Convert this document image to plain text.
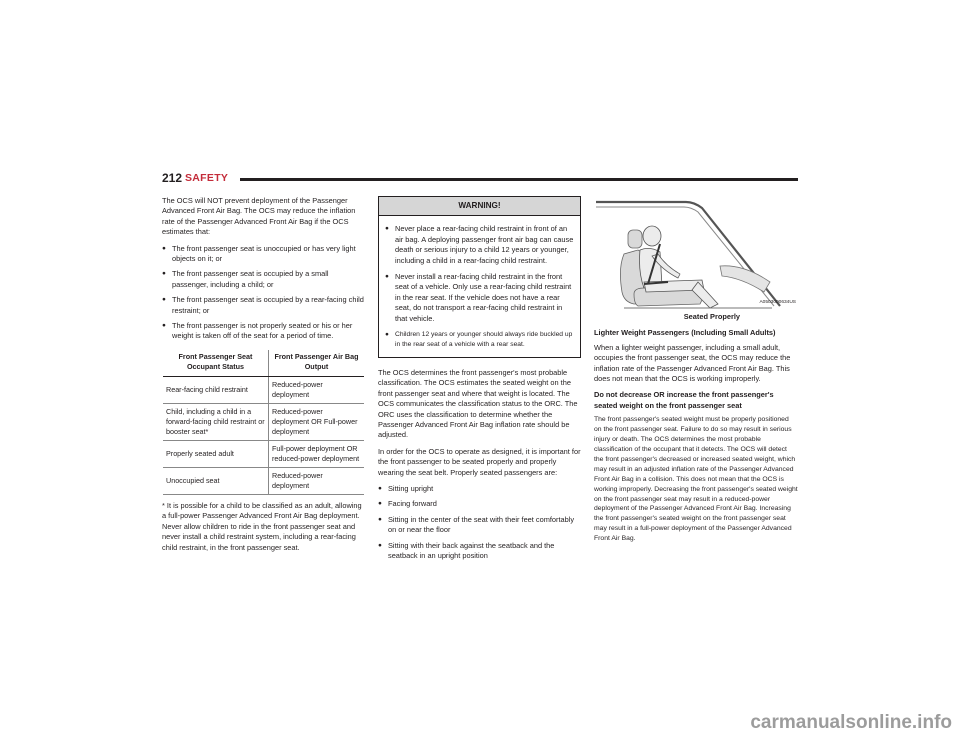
212 SAFETY

The OCS will NOT prevent deployment of the Passenger Advanced Front Air Bag. The OCS may reduce the inflation rate of the Passenger Advanced Front Air Bag if the OCS estimates that:

● The front passenger seat is unoccupied or has very light objects on it; or
● The front passenger seat is occupied by a small passenger, including a child; or
● The front passenger seat is occupied by a rear-facing child restraint; or
● The front passenger is not properly seated or his or her weight is taken off of the seat for a period of time.
Front Passenger Seat Occupant Status	Front Passenger Air Bag Output
Rear-facing child restraint	Reduced-power deployment
Child, including a child in a forward-facing child restraint or booster seat*	Reduced-power deployment OR Full-power deployment
Properly seated adult	Full-power deployment OR reduced-power deployment
Unoccupied seat	Reduced-power deployment

* It is possible for a child to be classified as an adult, allowing a full-power Passenger Advanced Front Air Bag deployment. Never allow children to ride in the front passenger seat and never install a child restraint system, including a rear-facing child restraint, in the front passenger seat.

WARNING!
● Never place a rear-facing child restraint in front of an air bag. A deploying passenger front air bag can cause death or serious injury to a child 12 years or younger, including a child in a rear-facing child restraint.
● Never install a rear-facing child restraint in the front seat of a vehicle. Only use a rear-facing child restraint in the rear seat. If the vehicle does not have a rear seat, do not transport a rear-facing child restraint in that vehicle.
● Children 12 years or younger should always ride buckled up in the rear seat of a vehicle with a rear seat.

The OCS determines the front passenger's most probable classification. The OCS estimates the seated weight on the front passenger seat and where that weight is located. The OCS communicates the classification status to the ORC. The ORC uses the classification to determine whether the Passenger Advanced Front Air Bag inflation rate should be adjusted.

In order for the OCS to operate as designed, it is important for the front passenger to be seated properly and properly wearing the seat belt. Properly seated passengers are:

● Sitting upright
● Facing forward
● Sitting in the center of the seat with their feet comfortably on or near the floor
● Sitting with their back against the seatback and the seatback in an upright position
A0503000634US

Seated Properly

Lighter Weight Passengers (Including Small Adults)

When a lighter weight passenger, including a small adult, occupies the front passenger seat, the OCS may reduce the inflation rate of the Passenger Advanced Front Air Bag. This does not mean that the OCS is working improperly.

Do not decrease OR increase the front passenger's seated weight on the front passenger seat

The front passenger's seated weight must be properly positioned on the front passenger seat. Failure to do so may result in serious injury or death. The OCS determines the most probable classification of the occupant that it detects. The OCS will detect the front passenger's decreased or increased seated weight, which may result in an adjusted inflation rate of the Passenger Advanced Front Air Bag in a collision. This does not mean that the OCS is working improperly. Decreasing the front passenger's seated weight on the front passenger seat may result in a reduced-power deployment of the Passenger Advanced Front Air Bag. Increasing the front passenger's seated weight on the front passenger seat may result in a full-power deployment of the Passenger Advanced Front Air Bag.

carmanualsonline.info
